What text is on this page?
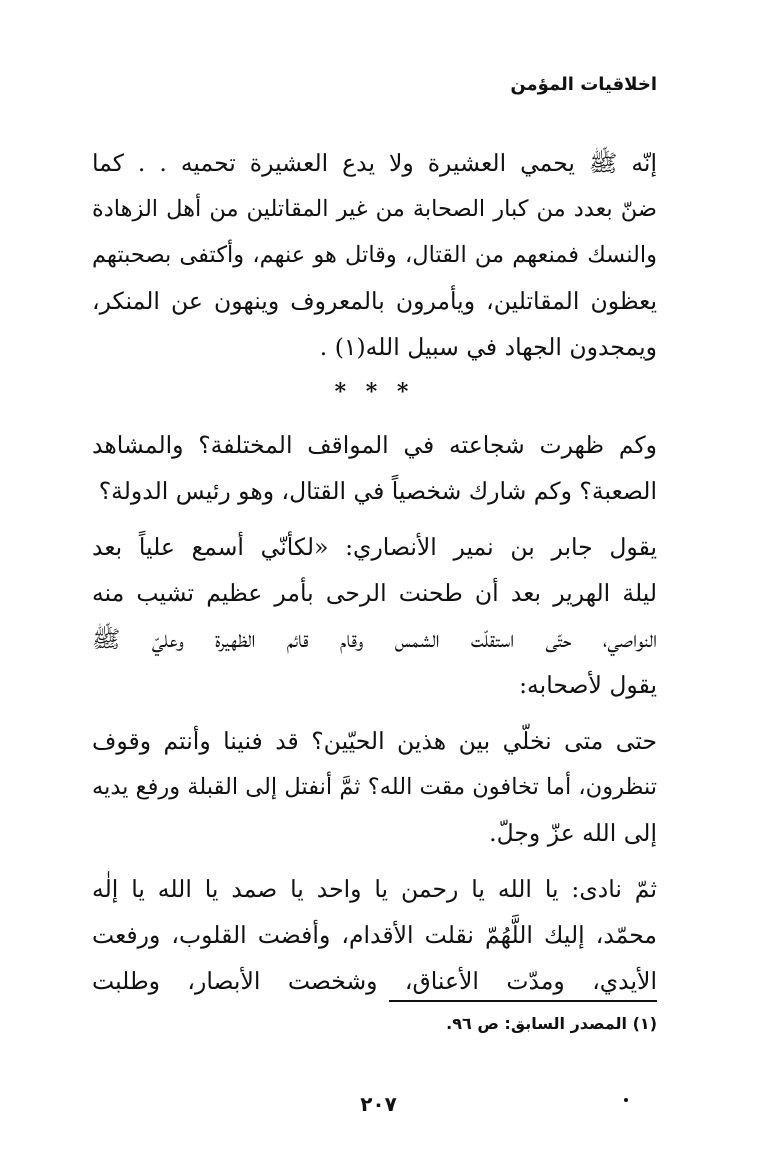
اخلاقيات المؤمن

إنّه ﷺ يحمي العشيرة ولا يدع العشيرة تحميه . . كما
ضنّ بعدد من كبار الصحابة من غير المقاتلين من أهل الزهادة
والنسك فمنعهم من القتال، وقاتل هو عنهم، وأكتفى بصحبتهم
يعظون المقاتلين، ويأمرون بالمعروف وينهون عن المنكر،
ويمجدون الجهاد في سبيل الله(١) .

* * *

وكم ظهرت شجاعته في المواقف المختلفة؟ والمشاهد
الصعبة؟ وكم شارك شخصياً في القتال، وهو رئيس الدولة؟

يقول جابر بن نمير الأنصاري: «لكأنّي أسمع علياً بعد
ليلة الهرير بعد أن طحنت الرحى بأمر عظيم تشيب منه
النواصي، حتّى استقلّت الشمس وقام قائم الظهيرة وعليّ ﷺ
يقول لأصحابه:

حتى متى نخلّي بين هذين الحيّين؟ قد فنينا وأنتم وقوف
تنظرون، أما تخافون مقت الله؟ ثمَّ أنفتل إلى القبلة ورفع يديه
إلى الله عزّ وجلّ.

ثمّ نادى: يا الله يا رحمن يا واحد يا صمد يا الله يا إلٰه
محمّد، إليك اللَّهُمّ نقلت الأقدام، وأفضت القلوب، ورفعت
الأيدي، ومدّت الأعناق، وشخصت الأبصار، وطلبت

(١) المصدر السابق: ص ٩٦.
٢٠٧
